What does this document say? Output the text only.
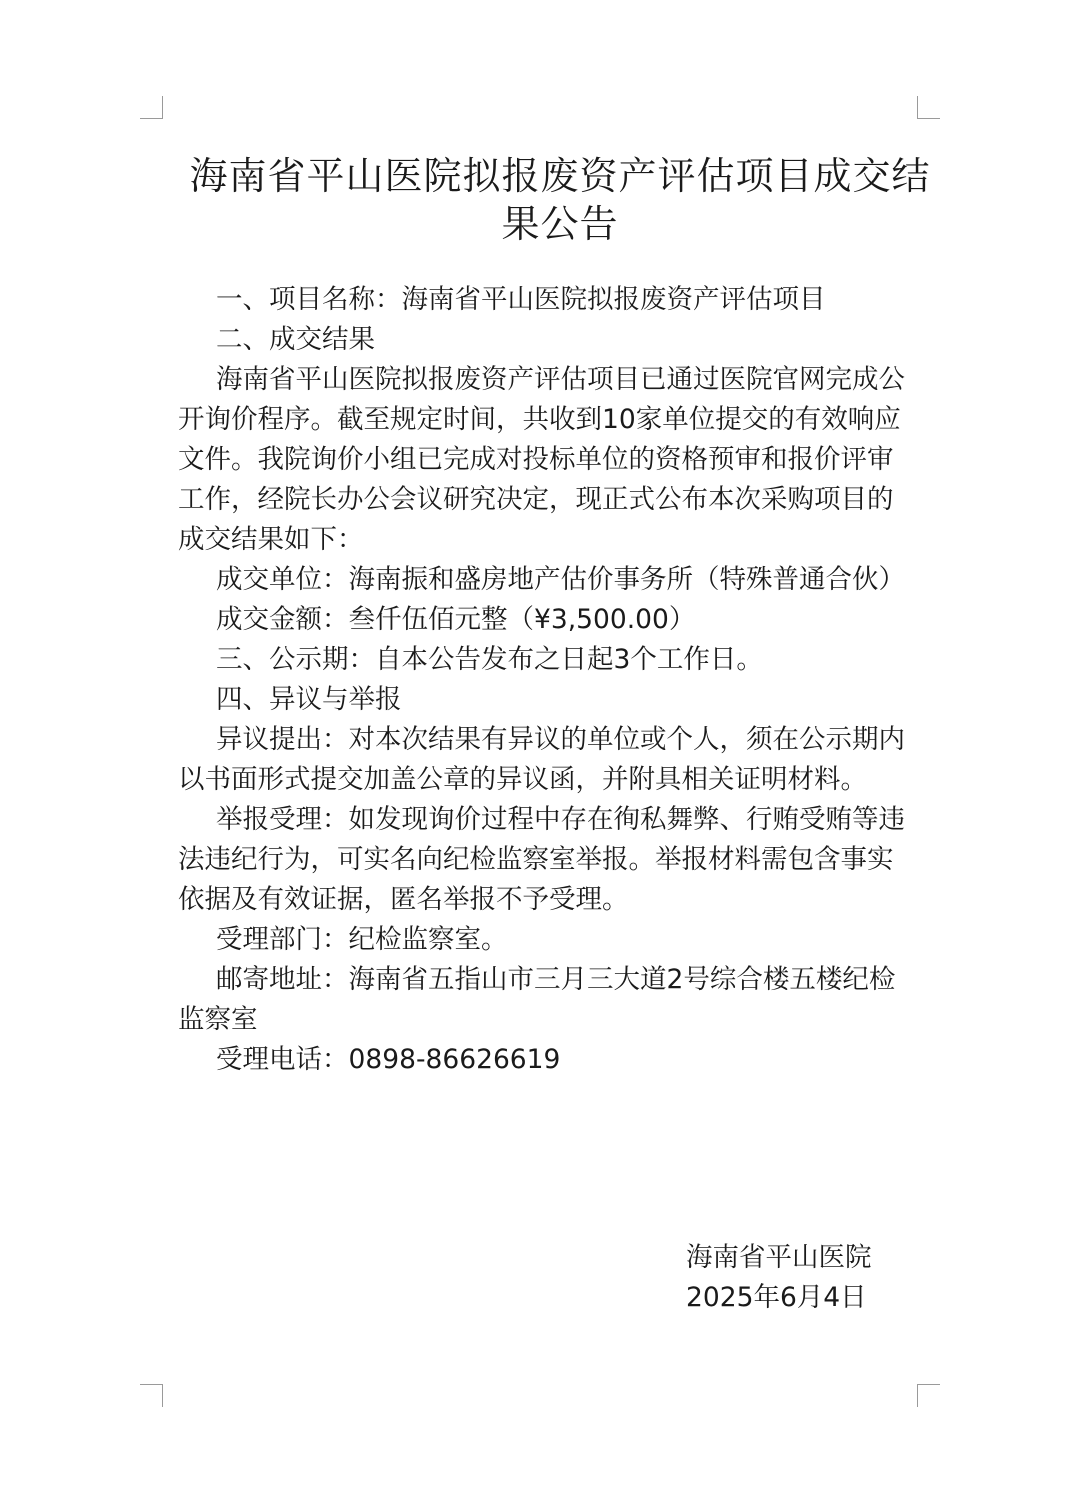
海南省平山医院拟报废资产评估项目成交结果公告

一、项目名称：海南省平山医院拟报废资产评估项目

二、成交结果

海南省平山医院拟报废资产评估项目已通过医院官网完成公开询价程序。截至规定时间，共收到10家单位提交的有效响应文件。我院询价小组已完成对投标单位的资格预审和报价评审工作，经院长办公会议研究决定，现正式公布本次采购项目的成交结果如下：

成交单位：海南振和盛房地产估价事务所（特殊普通合伙）

成交金额：叁仟伍佰元整（¥3,500.00）

三、公示期：自本公告发布之日起3个工作日。

四、异议与举报

异议提出：对本次结果有异议的单位或个人，须在公示期内以书面形式提交加盖公章的异议函，并附具相关证明材料。

举报受理：如发现询价过程中存在徇私舞弊、行贿受贿等违法违纪行为，可实名向纪检监察室举报。举报材料需包含事实依据及有效证据，匿名举报不予受理。

受理部门：纪检监察室。

邮寄地址：海南省五指山市三月三大道2号综合楼五楼纪检监察室

受理电话：0898-86626619

海南省平山医院
2025年6月4日
